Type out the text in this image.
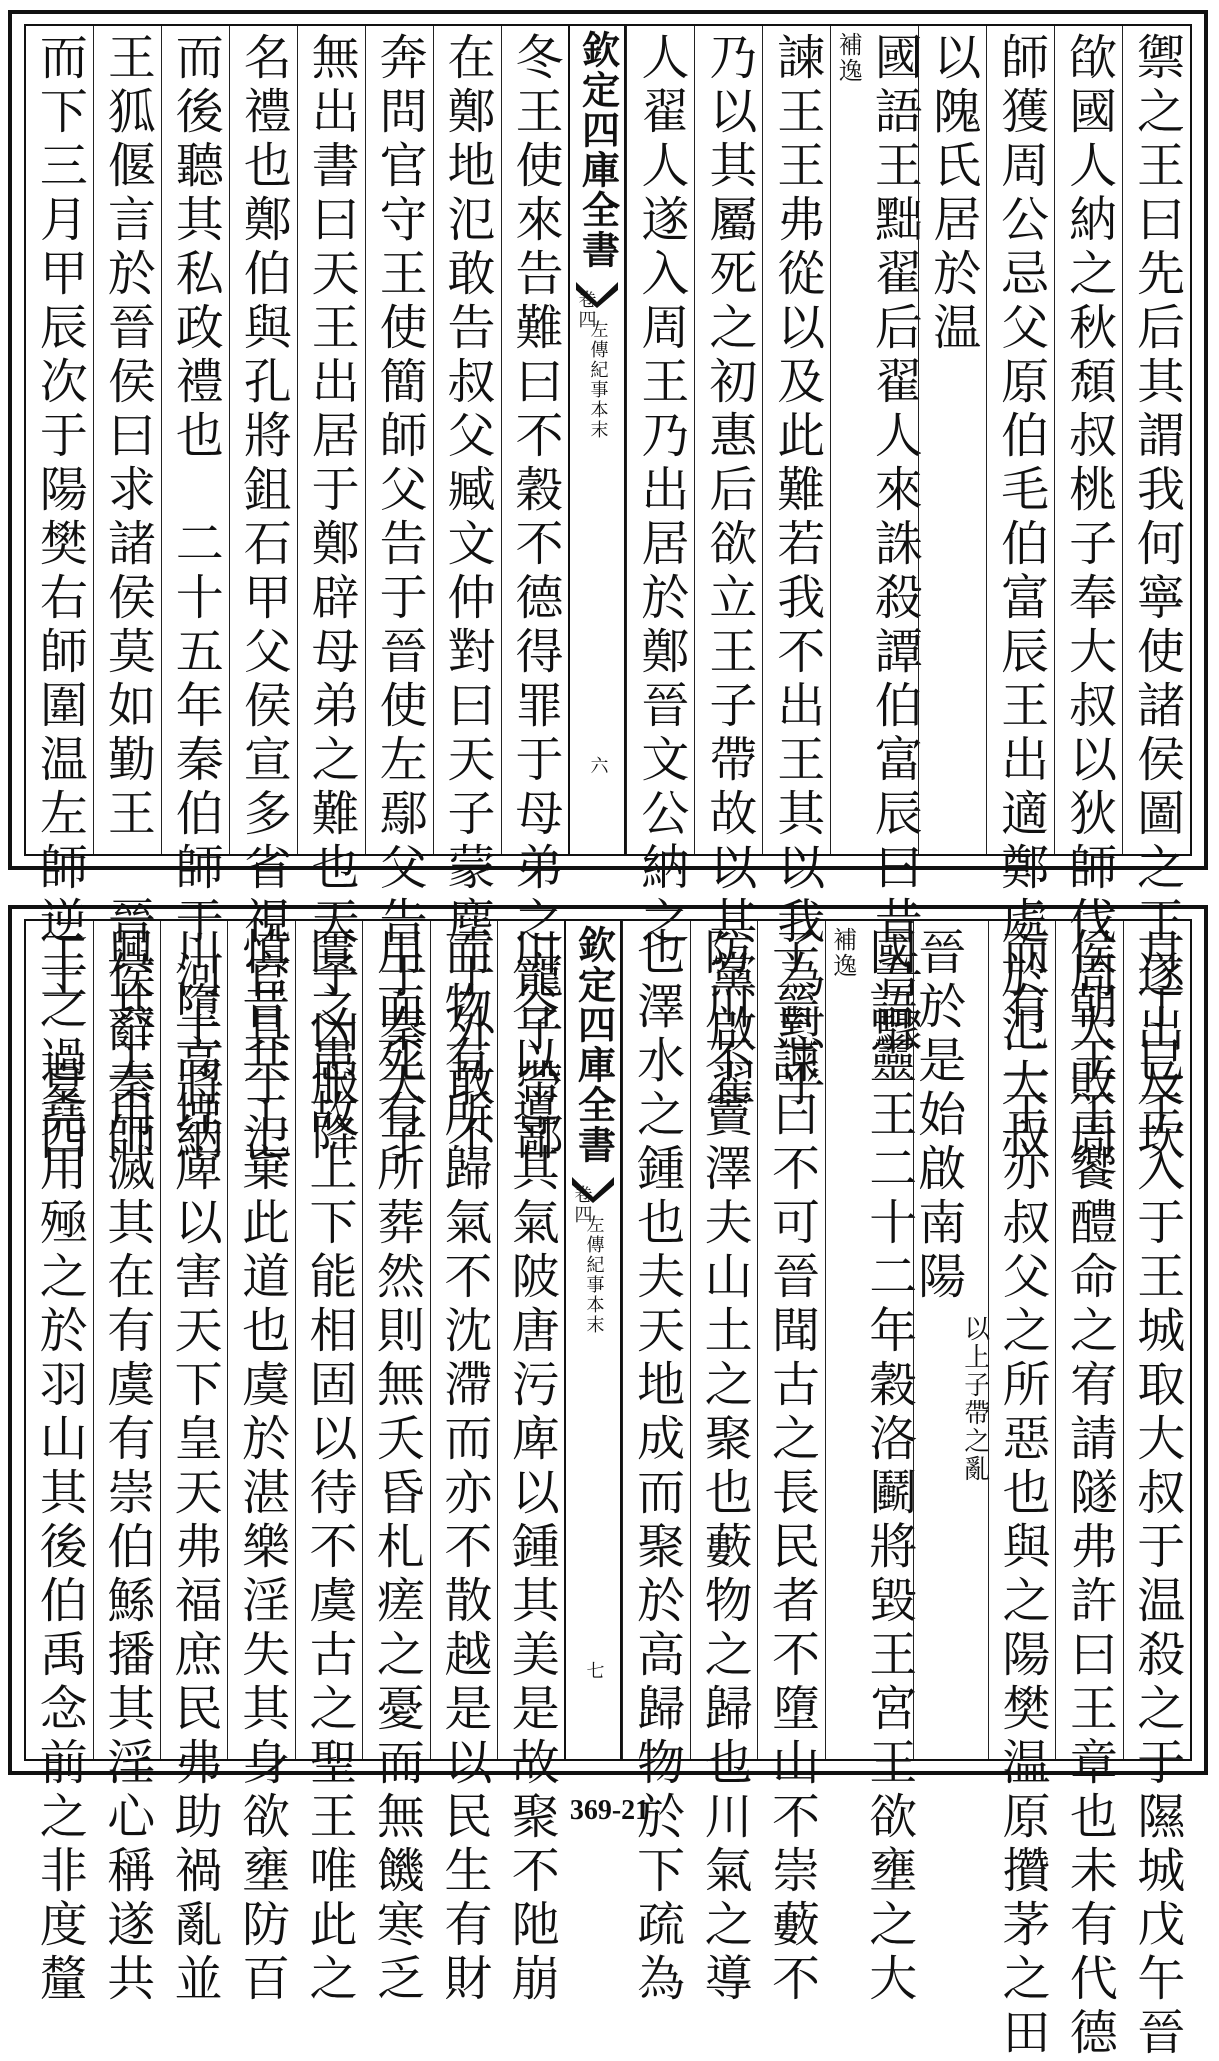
禦之王曰先后其謂我何寧使諸侯圖之王遂出及坎
欿國人納之秋頹叔桃子奉大叔以狄師伐周大敗周
師獲周公忌父原伯毛伯富辰王出適鄭處於氾大叔
以隗氏居於温
補逸 國語王黜翟后翟人來誅殺譚伯富辰曰昔吾驟
諫王王弗從以及此難若我不出王其以我為懟乎
乃以其屬死之初惠后欲立王子帶故以其黨啟翟
人翟人遂入周王乃出居於鄭晉文公納之
欽定四庫全書
左傳紀事本末
卷四
六
冬王使來告難曰不穀不德得罪于母弟之寵子帶鄙
在鄭地氾敢告叔父臧文仲對曰天子蒙塵于外敢不
奔問官守王使簡師父告于晉使左鄢父告于秦天子
無出書曰天王出居于鄭辟母弟之難也天子凶服降
名禮也鄭伯與孔將鉏石甲父侯宣多省視官具于氾
而後聽其私政禮也　二十五年秦伯師于河上將納
王狐偃言於晉侯曰求諸侯莫如勤王　晉侯辭秦師
而下三月甲辰次于陽樊右師圍温左師逆王　夏四
月丁巳王入于王城取大叔于温殺之于隰城戊午晉
侯朝王王饗醴命之宥請隧弗許曰王章也未有代德
而有二王亦叔父之所惡也與之陽樊温原攢茅之田
晉於是始啟南陽
以上子帶之亂
補逸 國語靈王二十二年穀洛鬬將毀王宮王欲壅之大
子晉諫曰不可晉聞古之長民者不墮山不崇藪不
防川不竇澤夫山土之聚也藪物之歸也川氣之導
也澤水之鍾也夫天地成而聚於高歸物於下疏為
欽定四庫全書
左傳紀事本末
卷四
七
川谷以導其氣陂唐污庳以鍾其美是故聚不阤崩
而物有所歸氣不沈滯而亦不散越是以民生有財
用而死有所葬然則無夭昏札瘥之憂而無饑寒乏
匱之患故上下能相固以待不虞古之聖王唯此之
慎昔共工棄此道也虞於湛樂淫失其身欲壅防百
川墮高堙庳以害天下皇天弗福庶民弗助禍亂並
興共工用滅其在有虞有崇伯鯀播其淫心稱遂共
工之過堯用殛之於羽山其後伯禹念前之非度釐	369-21
